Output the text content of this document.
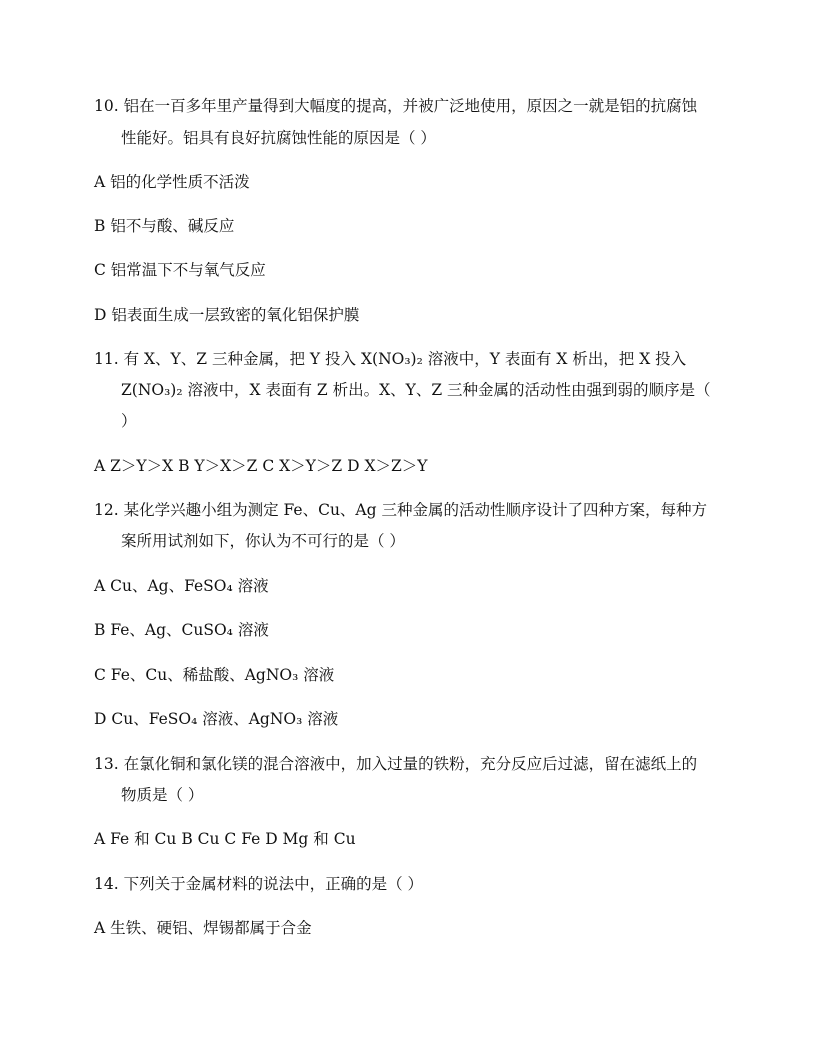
10. 铝在一百多年里产量得到大幅度的提高，并被广泛地使用，原因之一就是铝的抗腐蚀
性能好。铝具有良好抗腐蚀性能的原因是（ ）
A 铝的化学性质不活泼
B 铝不与酸、碱反应
C 铝常温下不与氧气反应
D 铝表面生成一层致密的氧化铝保护膜
11. 有 X、Y、Z 三种金属，把 Y 投入 X(NO₃)₂ 溶液中，Y 表面有 X 析出，把 X 投入
Z(NO₃)₂ 溶液中，X 表面有 Z 析出。X、Y、Z 三种金属的活动性由强到弱的顺序是（
）
A Z＞Y＞X B Y＞X＞Z C X＞Y＞Z D X＞Z＞Y
12. 某化学兴趣小组为测定 Fe、Cu、Ag 三种金属的活动性顺序设计了四种方案，每种方
案所用试剂如下，你认为不可行的是（ ）
A Cu、Ag、FeSO₄ 溶液
B Fe、Ag、CuSO₄ 溶液
C Fe、Cu、稀盐酸、AgNO₃ 溶液
D Cu、FeSO₄ 溶液、AgNO₃ 溶液
13. 在氯化铜和氯化镁的混合溶液中，加入过量的铁粉，充分反应后过滤，留在滤纸上的
物质是（ ）
A Fe 和 Cu B Cu C Fe D Mg 和 Cu
14. 下列关于金属材料的说法中，正确的是（ ）
A 生铁、硬铝、焊锡都属于合金
